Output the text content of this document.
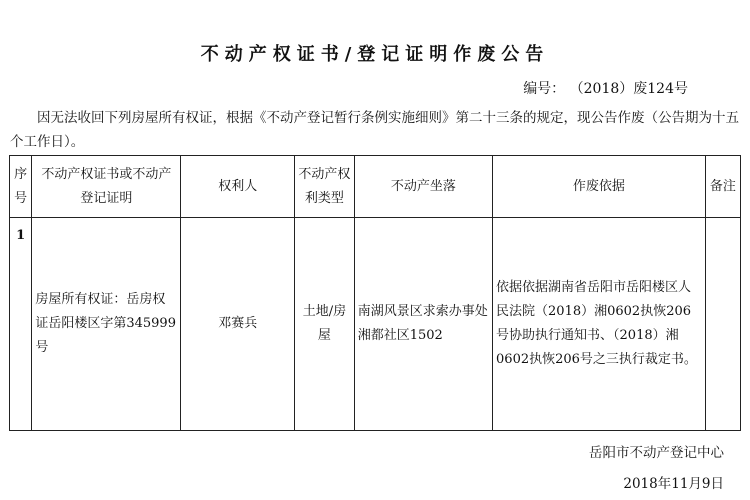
不动产权证书/登记证明作废公告
编号： （2018）废124号
因无法收回下列房屋所有权证，根据《不动产登记暂行条例实施细则》第二十三条的规定，现公告作废（公告期为十五个工作日）。
序号	不动产权证书或不动产登记证明	权利人	不动产权利类型	不动产坐落	作废依据	备注
1	房屋所有权证：岳房权证岳阳楼区字第345999号	邓赛兵	土地/房屋	南湖风景区求索办事处湘都社区1502	依据依据湖南省岳阳市岳阳楼区人民法院（2018）湘0602执恢206号协助执行通知书、（2018）湘0602执恢206号之三执行裁定书。	
岳阳市不动产登记中心
2018年11月9日
